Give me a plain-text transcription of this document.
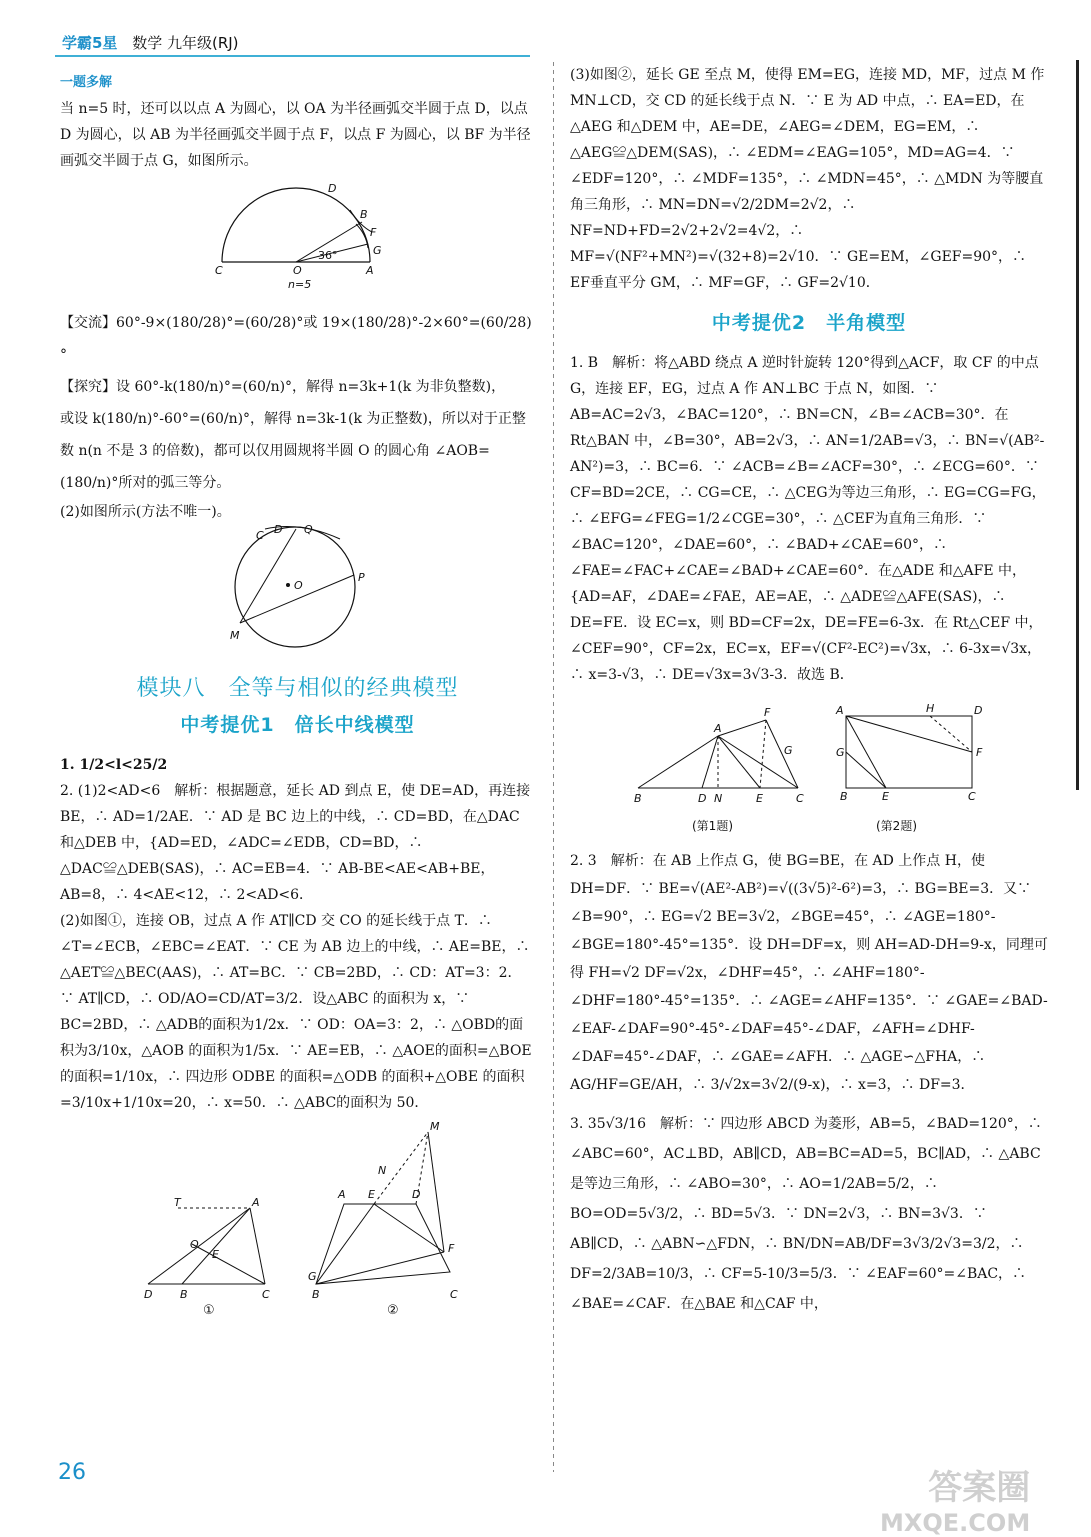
学霸5星 数学 九年级(RJ)

一题多解

当 n=5 时，还可以以点 A 为圆心，以 OA 为半径画弧交半圆于点 D，以点 D 为圆心，以 AB 为半径画弧交半圆于点 F，以点 F 为圆心，以 BF 为半径画弧交半圆于点 G，如图所示。

C	O	A
D
B
F
G
36°
n=5

【交流】60°-9×(180/28)°=(60/28)°或 19×(180/28)°-2×60°=(60/28)°

【探究】设 60°-k(180/n)°=(60/n)°，解得 n=3k+1(k 为非负整数)，

或设 k(180/n)°-60°=(60/n)°，解得 n=3k-1(k 为正整数)，所以对于正整数 n(n 不是 3 的倍数)，都可以仅用圆规将半圆 O 的圆心角 ∠AOB=(180/n)°所对的弧三等分。

(2)如图所示(方法不唯一)。

C D Q
O
P
M

模块八　全等与相似的经典模型

中考提优1　倍长中线模型

1. 1/2<l<25/2

2. (1)2<AD<6　解析：根据题意，延长 AD 到点 E，使 DE=AD，再连接 BE，∴ AD=1/2AE．∵ AD 是 BC 边上的中线，∴ CD=BD，在△DAC 和△DEB 中，{AD=ED，∠ADC=∠EDB，CD=BD，∴ △DAC≌△DEB(SAS)，∴ AC=EB=4．∵ AB-BE<AE<AB+BE，AB=8，∴ 4<AE<12，∴ 2<AD<6．

(2)如图①，连接 OB，过点 A 作 AT∥CD 交 CO 的延长线于点 T．∴ ∠T=∠ECB，∠EBC=∠EAT．∵ CE 为 AB 边上的中线，∴ AE=BE，∴ △AET≌△BEC(AAS)，∴ AT=BC．∵ CB=2BD，∴ CD：AT=3：2．∵ AT∥CD，∴ OD/AO=CD/AT=3/2．设△ABC 的面积为 x，∵ BC=2BD，∴ △ADB的面积为1/2x．∵ OD：OA=3：2，∴ △OBD的面积为3/10x，△AOB 的面积为1/5x．∵ AE=EB，∴ △AOE的面积=△BOE 的面积=1/10x，∴ 四边形 ODBE 的面积=△ODB 的面积+△OBE 的面积=3/10x+1/10x=20，∴ x=50．∴ △ABC的面积为 50．

D	B	C
T	A
O
E
①
A E	D
M
N
F
G
B	C
②

(3)如图②，延长 GE 至点 M，使得 EM=EG，连接 MD，MF，过点 M 作 MN⊥CD，交 CD 的延长线于点 N．∵ E 为 AD 中点，∴ EA=ED，在△AEG 和△DEM 中，AE=DE，∠AEG=∠DEM，EG=EM，∴ △AEG≌△DEM(SAS)，∴ ∠EDM=∠EAG=105°，MD=AG=4．∵ ∠EDF=120°，∴ ∠MDF=135°，∴ ∠MDN=45°，∴ △MDN 为等腰直角三角形，∴ MN=DN=√2/2DM=2√2，∴ NF=ND+FD=2√2+2√2=4√2，∴ MF=√(NF²+MN²)=√(32+8)=2√10．∵ GE=EM，∠GEF=90°，∴ EF垂直平分 GM，∴ MF=GF，∴ GF=2√10．

中考提优2　半角模型

1. B　解析：将△ABD 绕点 A 逆时针旋转 120°得到△ACF，取 CF 的中点 G，连接 EF，EG，过点 A 作 AN⊥BC 于点 N，如图．∵ AB=AC=2√3，∠BAC=120°，∴ BN=CN，∠B=∠ACB=30°．在 Rt△BAN 中，∠B=30°，AB=2√3，∴ AN=1/2AB=√3，∴ BN=√(AB²-AN²)=3，∴ BC=6．∵ ∠ACB=∠B=∠ACF=30°，∴ ∠ECG=60°．∵ CF=BD=2CE，∴ CG=CE，∴ △CEG为等边三角形，∴ EG=CG=FG，∴ ∠EFG=∠FEG=1/2∠CGE=30°，∴ △CEF为直角三角形．∵ ∠BAC=120°，∠DAE=60°，∴ ∠BAD+∠CAE=60°，∴ ∠FAE=∠FAC+∠CAE=∠BAD+∠CAE=60°．在△ADE 和△AFE 中，{AD=AF，∠DAE=∠FAE，AE=AE，∴ △ADE≌△AFE(SAS)，∴ DE=FE．设 EC=x，则 BD=CF=2x，DE=FE=6-3x．在 Rt△CEF 中，∠CEF=90°，CF=2x，EC=x，EF=√(CF²-EC²)=√3x，∴ 6-3x=√3x，∴ x=3-√3，∴ DE=√3x=3√3-3．故选 B．

B	D N	E	C
A
F
G
(第1题)
A	H	D
G	F
B	E	C
(第2题)

2. 3　解析：在 AB 上作点 G，使 BG=BE，在 AD 上作点 H，使 DH=DF．∵ BE=√(AE²-AB²)=√((3√5)²-6²)=3，∴ BG=BE=3．又∵ ∠B=90°，∴ EG=√2 BE=3√2，∠BGE=45°，∴ ∠AGE=180°-∠BGE=180°-45°=135°．设 DH=DF=x，则 AH=AD-DH=9-x，同理可得 FH=√2 DF=√2x，∠DHF=45°，∴ ∠AHF=180°-∠DHF=180°-45°=135°．∴ ∠AGE=∠AHF=135°．∵ ∠GAE=∠BAD-∠EAF-∠DAF=90°-45°-∠DAF=45°-∠DAF，∠AFH=∠DHF-∠DAF=45°-∠DAF，∴ ∠GAE=∠AFH．∴ △AGE∽△FHA，∴ AG/HF=GE/AH，∴ 3/√2x=3√2/(9-x)，∴ x=3，∴ DF=3．

3. 35√3/16　解析：∵ 四边形 ABCD 为菱形，AB=5，∠BAD=120°，∴ ∠ABC=60°，AC⊥BD，AB∥CD，AB=BC=AD=5，BC∥AD，∴ △ABC是等边三角形，∴ ∠ABO=30°，∴ AO=1/2AB=5/2，∴ BO=OD=5√3/2，∴ BD=5√3．∵ DN=2√3，∴ BN=3√3．∵ AB∥CD，∴ △ABN∽△FDN，∴ BN/DN=AB/DF=3√3/2√3=3/2，∴ DF=2/3AB=10/3，∴ CF=5-10/3=5/3．∵ ∠EAF=60°=∠BAC，∴ ∠BAE=∠CAF．在△BAE 和△CAF 中，

26	答案圈
MXQE.COM
